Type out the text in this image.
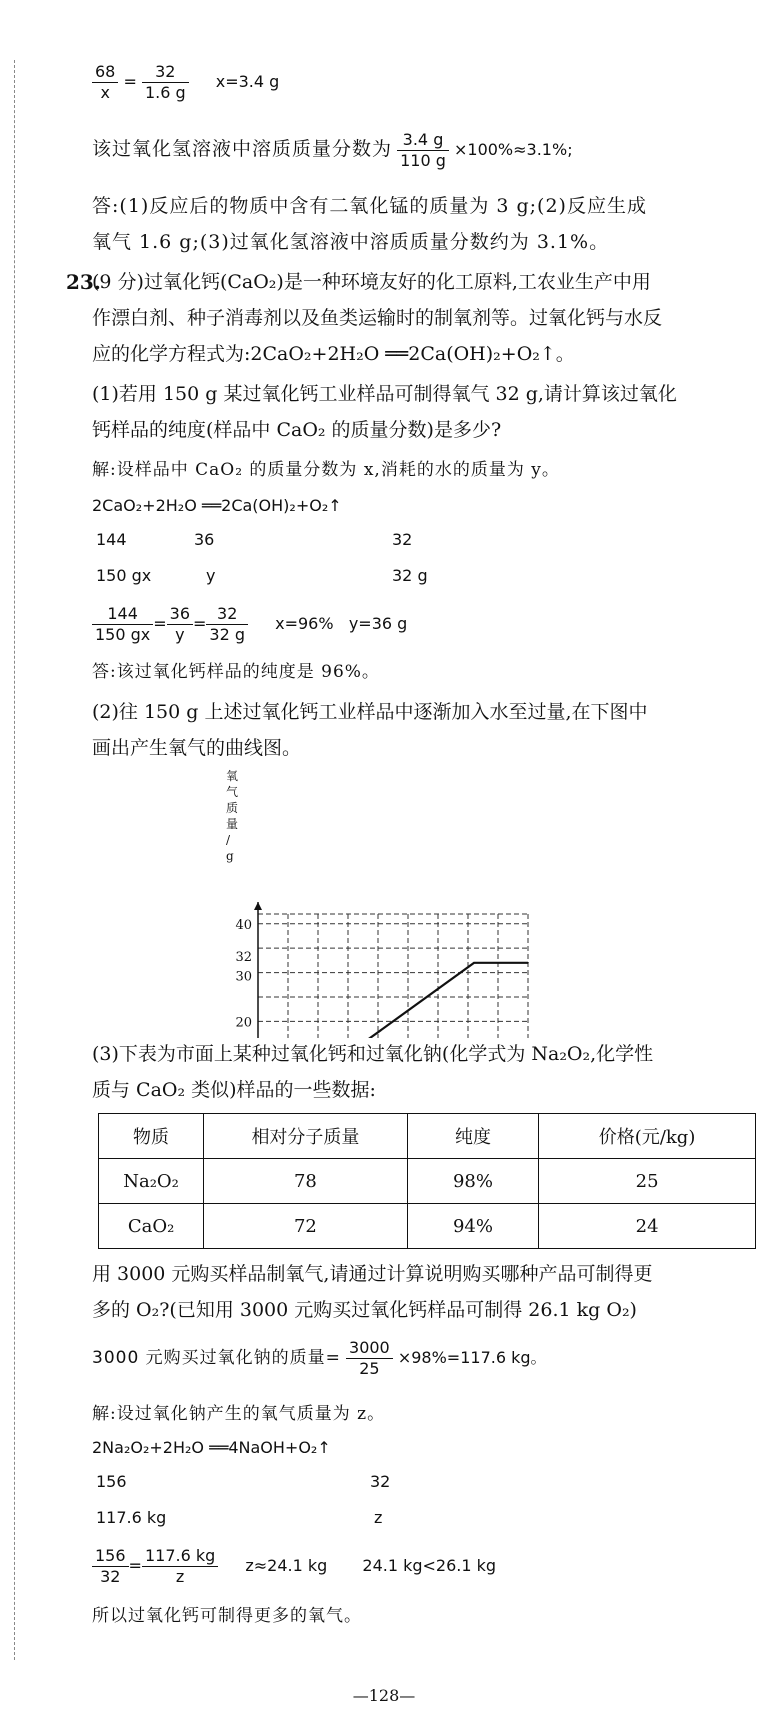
$\frac{68}{x} = \frac{32}{1.6 g} x=3.4$ g
该过氧化氢溶液中溶质质量分数为 $\frac{3.4 g}{110 g} \times 100\%\approx 3.1\%$;
答:(1)反应后的物质中含有二氧化锰的质量为 3 g;(2)反应生成
氧气 1.6 g;(3)过氧化氢溶液中溶质质量分数约为 3.1%。
23.
(9 分)过氧化钙(CaO₂)是一种环境友好的化工原料,工农业生产中用
作漂白剂、种子消毒剂以及鱼类运输时的制氧剂等。过氧化钙与水反
应的化学方程式为:2CaO₂+2H₂O ══2Ca(OH)₂+O₂↑。
(1)若用 150 g 某过氧化钙工业样品可制得氧气 32 g,请计算该过氧化
钙样品的纯度(样品中 CaO₂ 的质量分数)是多少?
解:设样品中 CaO₂ 的质量分数为 x,消耗的水的质量为 y。
2CaO₂+2H₂O ══2Ca(OH)₂+O₂↑
144	36	32
150 gx	y	32 g
$\frac{144}{150 gx} = \frac{36}{y} = \frac{32}{32 g} x=96\%$   y=36 g
答:该过氧化钙样品的纯度是 96%。
(2)往 150 g 上述过氧化钙工业样品中逐渐加入水至过量,在下图中
画出产生氧气的曲线图。
20
30
32
40
氧气质量/ g
(3)下表为市面上某种过氧化钙和过氧化钠(化学式为 Na₂O₂,化学性
质与 CaO₂ 类似)样品的一些数据:
物质	相对分子质量	纯度	价格(元/kg)
Na₂O₂	78	98%	25
CaO₂	72	94%	24
用 3000 元购买样品制氧气,请通过计算说明购买哪种产品可制得更
多的 O₂?(已知用 3000 元购买过氧化钙样品可制得 26.1 kg O₂)
3000 元购买过氧化钠的质量= $\frac{3000}{25} \times 98\%=117.6$ kg。
解:设过氧化钠产生的氧气质量为 z。
2Na₂O₂+2H₂O ══4NaOH+O₂↑
156	32
117.6 kg	z
$\frac{156}{32} = \frac{117.6 kg}{z} z\approx 24.1$ kg 24.1 kg<26.1 kg
所以过氧化钙可制得更多的氧气。
—128—
